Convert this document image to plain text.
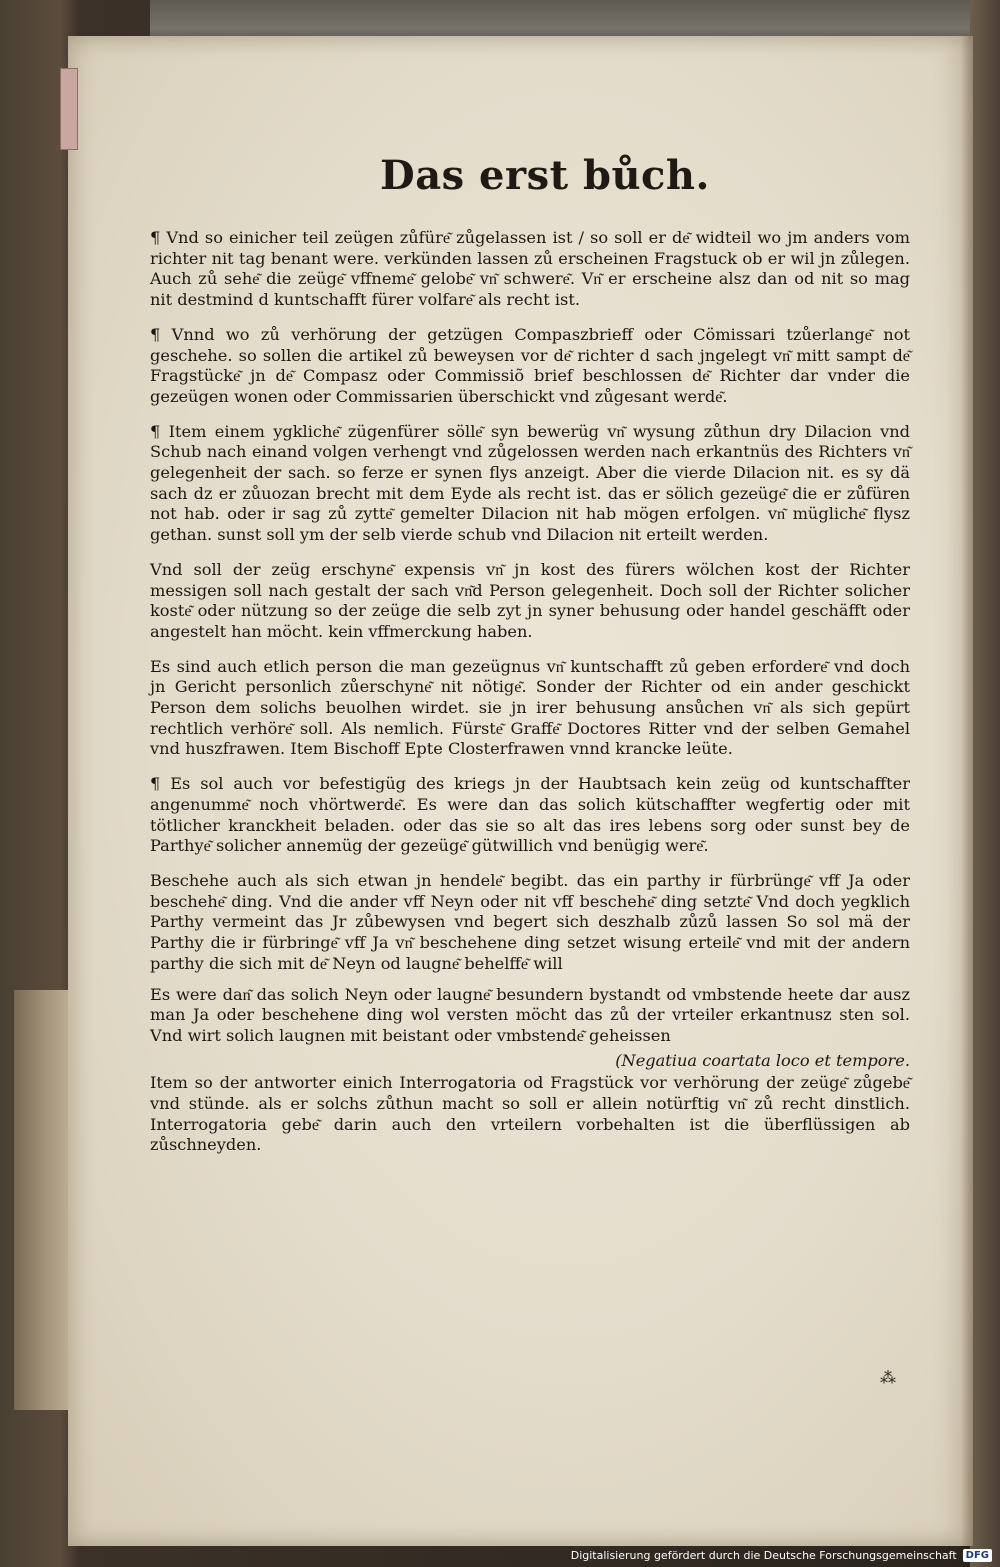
Das erst bůch.

¶ Vnd so einicher teil zeügen zůfüre͂ zůgelassen ist / so soll er de͂ widteil wo jm anders vom richter nit tag benant were. verkünden lassen zů erscheinen Fragstuck ob er wil jn zůlegen. Auch zů sehe͂ die zeüge͂ vffneme͂ gelobe͂ vn͂ schwere͂. Vn͂ er erscheine alsz dan od nit so mag nit destmind d kuntschafft fürer volfare͂ als recht ist.

¶ Vnnd wo zů verhörung der getzügen Compaszbrieff oder Cömissari tzůerlange͂ not geschehe. so sollen die artikel zů beweysen vor de͂ richter d sach jngelegt vn͂ mitt sampt de͂ Fragstücke͂ jn de͂ Compasz oder Commissiõ brief beschlossen de͂ Richter dar vnder die gezeügen wonen oder Commissarien überschickt vnd zůgesant werde͂.

¶ Item einem ygkliche͂ zügenfürer sölle͂ syn bewerüg vn͂ wysung zůthun dry Dilacion vnd Schub nach einand volgen verhengt vnd zůgelossen werden nach erkantnüs des Richters vn͂ gelegenheit der sach. so ferze er synen flys anzeigt. Aber die vierde Dilacion nit. es sy dä sach dz er zůuozan brecht mit dem Eyde als recht ist. das er sölich gezeüge͂ die er zůfüren not hab. oder ir sag zů zytte͂ gemelter Dilacion nit hab mögen erfolgen. vn͂ mügliche͂ flysz gethan. sunst soll ym der selb vierde schub vnd Dilacion nit erteilt werden.

Vnd soll der zeüg erschyne͂ expensis vn͂ jn kost des fürers wölchen kost der Richter messigen soll nach gestalt der sach vn͂d Person gelegenheit. Doch soll der Richter solicher koste͂ oder nützung so der zeüge die selb zyt jn syner behusung oder handel geschäfft oder angestelt han möcht. kein vffmerckung haben.

Es sind auch etlich person die man gezeügnus vn͂ kuntschafft zů geben erfordere͂ vnd doch jn Gericht personlich zůerschyne͂ nit nötige͂. Sonder der Richter od ein ander geschickt Person dem solichs beuolhen wirdet. sie jn irer behusung ansůchen vn͂ als sich gepürt rechtlich verhöre͂ soll. Als nemlich. Fürste͂ Graffe͂ Doctores Ritter vnd der selben Gemahel vnd huszfrawen. Item Bischoff Epte Closterfrawen vnnd krancke leüte.

¶ Es sol auch vor befestigüg des kriegs jn der Haubtsach kein zeüg od kuntschaffter angenumme͂ noch vhörtwerde͂. Es were dan das solich kütschaffter wegfertig oder mit tötlicher kranckheit beladen. oder das sie so alt das ires lebens sorg oder sunst bey de Parthye͂ solicher annemüg der gezeüge͂ gütwillich vnd benügig were͂.

Beschehe auch als sich etwan jn hendele͂ begibt. das ein parthy ir fürbrünge͂ vff Ja oder beschehe͂ ding. Vnd die ander vff Neyn oder nit vff beschehe͂ ding setzte͂ Vnd doch yegklich Parthy vermeint das Jr zůbewysen vnd begert sich deszhalb zůzů lassen So sol mä der Parthy die ir fürbringe͂ vff Ja vn͂ beschehene ding setzet wisung erteile͂ vnd mit der andern parthy die sich mit de͂ Neyn od laugne͂ behelffe͂ will

Es were dan͂ das solich Neyn oder laugne͂ besundern bystandt od vmbstende heete dar ausz man Ja oder beschehene ding wol versten möcht das zů der vrteiler erkantnusz sten sol. Vnd wirt solich laugnen mit beistant oder vmbstende͂ geheissen

(Negatiua coartata loco et tempore.

Item so der antworter einich Interrogatoria od Fragstück vor verhörung der zeüge͂ zůgebe͂ vnd stünde. als er solchs zůthun macht so soll er allein notürftig vn͂ zů recht dinstlich. Interrogatoria gebe͂ darin auch den vrteilern vorbehalten ist die überflüssigen ab zůschneyden.

⁂
Digitalisierung gefördert durch die Deutsche Forschungsgemeinschaft DFG
